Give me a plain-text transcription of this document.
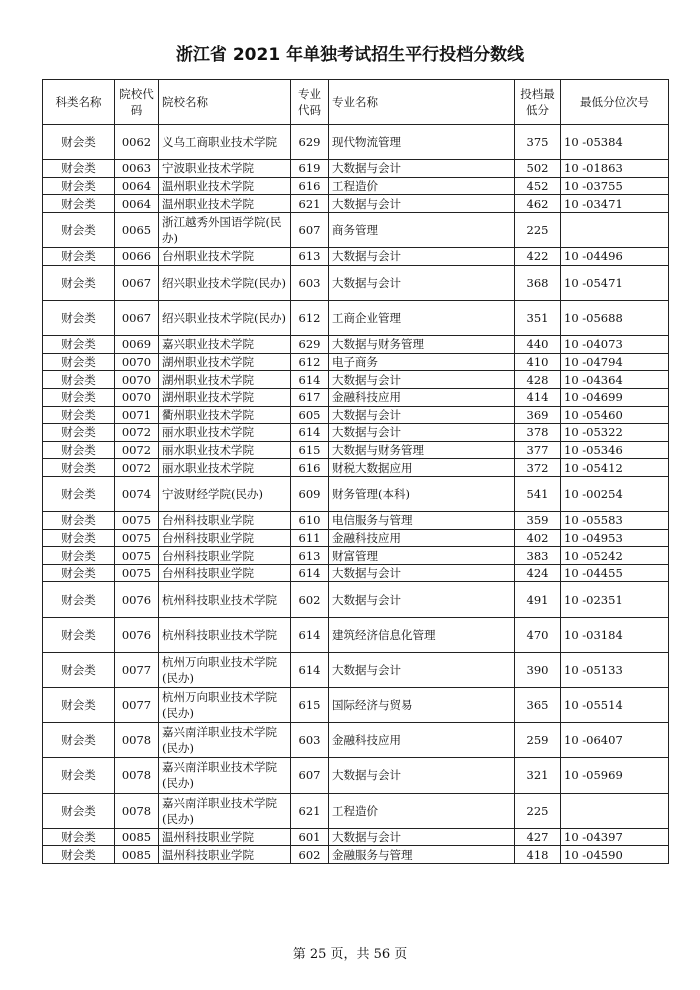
浙江省 2021 年单独考试招生平行投档分数线
科类名称	院校代码	院校名称	专业代码	专业名称	投档最低分	最低分位次号
财会类	0062	义乌工商职业技术学院	629	现代物流管理	375	10 -05384
财会类	0063	宁波职业技术学院	619	大数据与会计	502	10 -01863
财会类	0064	温州职业技术学院	616	工程造价	452	10 -03755
财会类	0064	温州职业技术学院	621	大数据与会计	462	10 -03471
财会类	0065	浙江越秀外国语学院(民办)	607	商务管理	225	
财会类	0066	台州职业技术学院	613	大数据与会计	422	10 -04496
财会类	0067	绍兴职业技术学院(民办)	603	大数据与会计	368	10 -05471
财会类	0067	绍兴职业技术学院(民办)	612	工商企业管理	351	10 -05688
财会类	0069	嘉兴职业技术学院	629	大数据与财务管理	440	10 -04073
财会类	0070	湖州职业技术学院	612	电子商务	410	10 -04794
财会类	0070	湖州职业技术学院	614	大数据与会计	428	10 -04364
财会类	0070	湖州职业技术学院	617	金融科技应用	414	10 -04699
财会类	0071	衢州职业技术学院	605	大数据与会计	369	10 -05460
财会类	0072	丽水职业技术学院	614	大数据与会计	378	10 -05322
财会类	0072	丽水职业技术学院	615	大数据与财务管理	377	10 -05346
财会类	0072	丽水职业技术学院	616	财税大数据应用	372	10 -05412
财会类	0074	宁波财经学院(民办)	609	财务管理(本科)	541	10 -00254
财会类	0075	台州科技职业学院	610	电信服务与管理	359	10 -05583
财会类	0075	台州科技职业学院	611	金融科技应用	402	10 -04953
财会类	0075	台州科技职业学院	613	财富管理	383	10 -05242
财会类	0075	台州科技职业学院	614	大数据与会计	424	10 -04455
财会类	0076	杭州科技职业技术学院	602	大数据与会计	491	10 -02351
财会类	0076	杭州科技职业技术学院	614	建筑经济信息化管理	470	10 -03184
财会类	0077	杭州万向职业技术学院(民办)	614	大数据与会计	390	10 -05133
财会类	0077	杭州万向职业技术学院(民办)	615	国际经济与贸易	365	10 -05514
财会类	0078	嘉兴南洋职业技术学院(民办)	603	金融科技应用	259	10 -06407
财会类	0078	嘉兴南洋职业技术学院(民办)	607	大数据与会计	321	10 -05969
财会类	0078	嘉兴南洋职业技术学院(民办)	621	工程造价	225	
财会类	0085	温州科技职业学院	601	大数据与会计	427	10 -04397
财会类	0085	温州科技职业学院	602	金融服务与管理	418	10 -04590
第 25 页，共 56 页
